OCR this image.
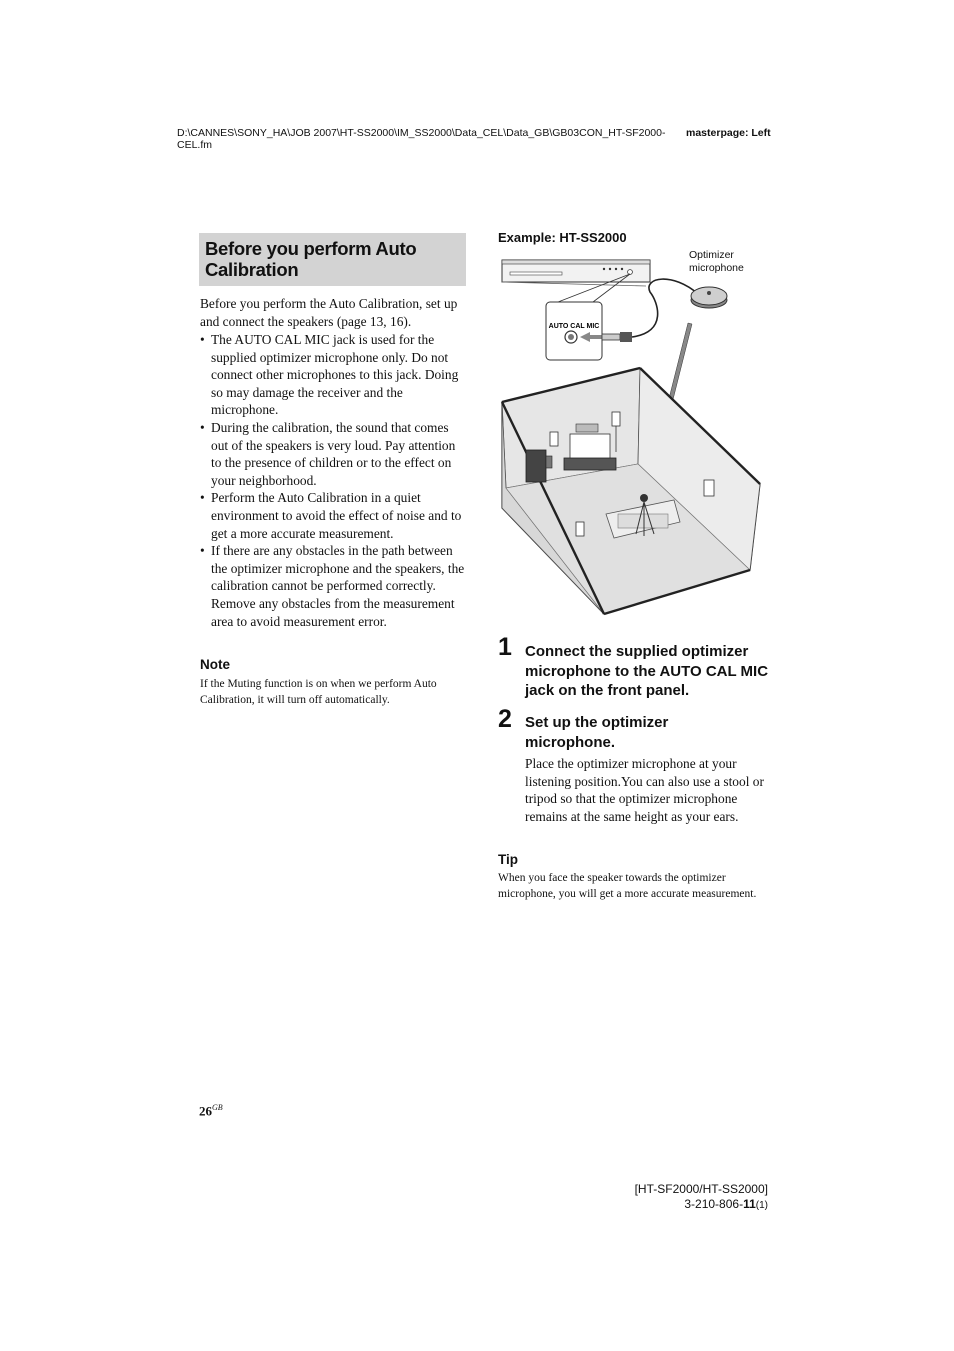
D:\CANNES\SONY_HA\JOB 2007\HT-SS2000\IM_SS2000\Data_CEL\Data_GB\GB03CON_HT-SF2000-CEL.fm
masterpage: Left
Before you perform Auto Calibration
Before you perform the Auto Calibration, set up and connect the speakers (page 13, 16).
• The AUTO CAL MIC jack is used for the supplied optimizer microphone only. Do not connect other microphones to this jack. Doing so may damage the receiver and the microphone.
• During the calibration, the sound that comes out of the speakers is very loud. Pay attention to the presence of children or to the effect on your neighborhood.
• Perform the Auto Calibration in a quiet environment to avoid the effect of noise and to get a more accurate measurement.
• If there are any obstacles in the path between the optimizer microphone and the speakers, the calibration cannot be performed correctly. Remove any obstacles from the measurement area to avoid measurement error.
Note
If the Muting function is on when we perform Auto Calibration, it will turn off automatically.
Example: HT-SS2000
Optimizer microphone
AUTO CAL MIC
1 Connect the supplied optimizer microphone to the AUTO CAL MIC jack on the front panel.
2 Set up the optimizer microphone.
Place the optimizer microphone at your listening position.You can also use a stool or tripod so that the optimizer microphone remains at the same height as your ears.
Tip
When you face the speaker towards the optimizer microphone, you will get a more accurate measurement.
$26^{GB}$
[HT-SF2000/HT-SS2000]
3-210-806-11(1)
